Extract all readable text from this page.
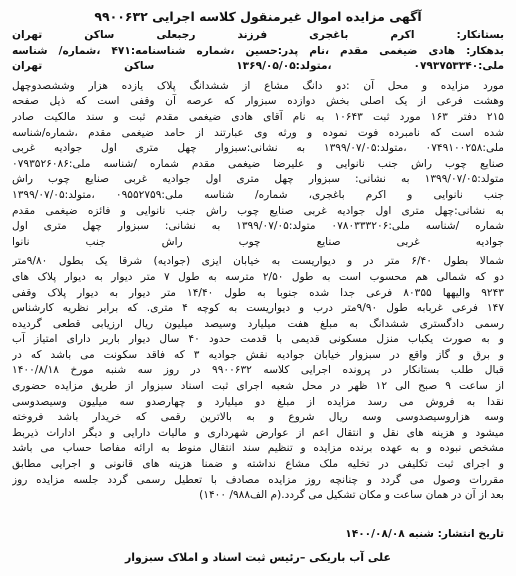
آگهی مزایده اموال غیرمنقول کلاسه اجرایی ۹۹۰۰۶۳۲
بستانکار: اکرم باغجری فرزند رجبعلی ساکن تهران
بدهکار: هادی ضیغمی مقدم ،نام پدر:حسین ،شماره شناسنامه:۴۷۱ ،شماره/ شناسه
ملی:۰۷۹۳۷۵۳۳۴۰ ،متولد:۱۳۶۹/۰۵/۰۵ ساکن تهران
مورد مزایده و محل آن :دو دانگ مشاع از ششدانگ پلاک یازده هزار وششصدوچهل
وهشت فرعی از یک اصلی بخش دوازده سبزوار که عرصه آن وقفی است که ذیل صفحه
۲۱۵ دفتر ۱۶۳ مورد ثبت ۱۰۶۴۳ به نام آقای هادی ضیغمی مقدم ثبت و سند مالکیت صادر
شده است که نامبرده فوت نموده و ورثه وی عبارتند از حامد ضیغمی مقدم ،شماره/شناسه
ملی:۰۷۴۹۱۰۰۲۵۸ ،متولد:۱۳۹۹/۰۷/۰۵ به نشانی:سبزوار چهل متری اول جوادیه غربی
صنایع چوب راش جنب نانوایی و علیرضا ضیغمی مقدم شماره /شناسه ملی:۰۷۹۳۵۲۶۰۸۶
متولد:۱۳۹۹/۰۷/۰۵ به نشانی: سبزوار چهل متری اول جوادیه غربی صنایع چوب راش
جنب نانوایی و اکرم باغجری، شماره/ شناسه ملی:۰۹۵۵۲۷۵۹ ،متولد:۱۳۹۹/۰۷/۰۵
به نشانی:چهل متری اول جوادیه غربی صنایع چوب راش جنب نانوایی و فائزه ضیغمی مقدم
شماره /شناسه ملی:۰۷۸۰۳۳۳۲۰۶ متولد:۱۳۹۹/۰۷/۰۵ به نشانی: سبزوار چهل متری اول
جوادیه غربی صنایع چوب راش جنب نانوا
شمالا بطول ۶/۴۰ متر در و دیواریست به خیابان ایزی (جوادیه) شرقا یک بطول ۹/۸۰متر
دو که شمالی هم محسوب است به طول ۲/۵۰ مترسه به طول ۷ متر دیوار به دیوار پلاک های
۹۲۴۳ والیهها ۸۰۳۵۵ فرعی جدا شده جنوبا به طول ۱۴/۴۰ متر دیوار به دیوار پلاک وقفی
۱۴۷ فرعی غربابه طول ۹/۹۰متر درب و دیواریست به کوچه ۴ متری. که برابر نظریه کارشناس
رسمی دادگستری ششدانگ به مبلغ هفت میلیارد وسیصد میلیون ریال ارزیابی قطعی گردیده
و به صورت یکباب منزل مسکونی قدیمی با قدمت حدود ۴۰ سال دیوار باربر دارای امتیاز آب
و برق و گاز واقع در سبزوار خیابان جوادیه نقش جوادیه ۳ که فاقد سکونت می باشد که در
قبال طلب بستانکار در پرونده اجرایی کلاسه ۹۹۰۰۶۳۲ در روز سه شنبه مورخ ۱۴۰۰/۸/۱۸
از ساعت ۹ صبح الی ۱۲ ظهر در محل شعبه اجرای ثبت اسناد سبزوار از طریق مزایده حضوری
نقدا به فروش می رسد مزایده از مبلغ دو میلیارد و چهارصدو سه میلیون وسیصدوسی
وسه هزاروسیصدوسی وسه ریال شروع و به بالاترین رقمی که خریدار باشد فروخته
میشود و هزینه های نقل و انتقال اعم از عوارض شهرداری و مالیات دارایی و دیگر ادارات ذیربط
مشخص نبوده و به عهده برنده مزایده و تنظیم سند انتقال منوط به ارائه مفاصا حساب می باشد
و اجرای ثبت تکلیفی در تخلیه ملک مشاع نداشته و ضمنا هزینه های قانونی و اجرایی مطابق
مقررات وصول می گردد و چنانچه روز مزایده مصادف با تعطیل رسمی گردد جلسه مزایده روز
بعد از آن در همان ساعت و مکان تشکیل می گردد.(م الف۹۸۸/ ۱۴۰۰)
تاریخ انتشار: شنبه ۱۴۰۰/۰۸/۰۸
علی آب باریکی –رئیس ثبت اسناد و املاک سبزوار
